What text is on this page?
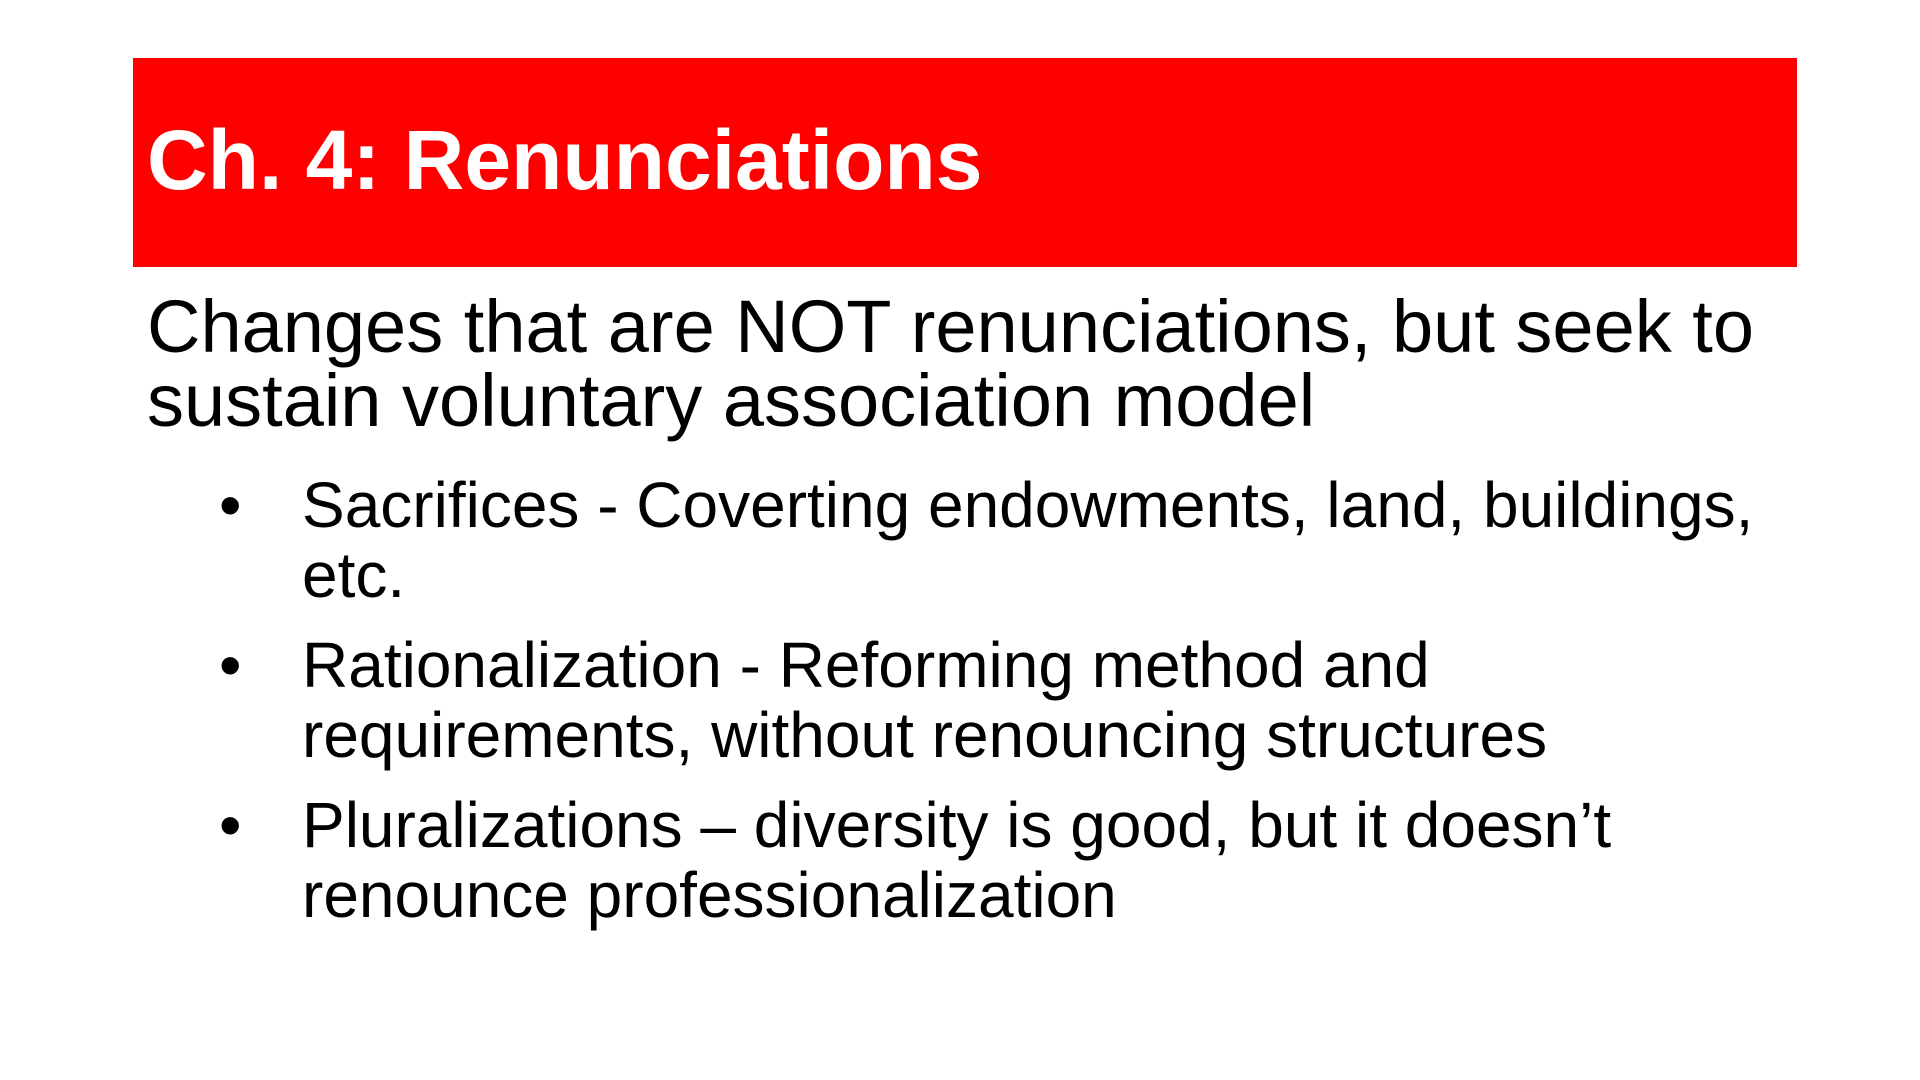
Ch. 4: Renunciations

Changes that are NOT renunciations, but seek to sustain voluntary association model

• Sacrifices - Coverting endowments, land, buildings, etc.
• Rationalization - Reforming method and requirements, without renouncing structures
• Pluralizations – diversity is good, but it doesn’t renounce professionalization
